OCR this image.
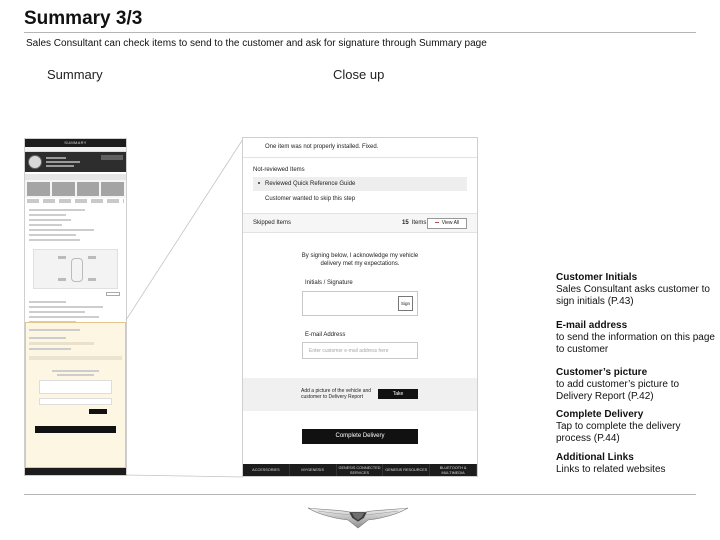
Summary 3/3
Sales Consultant can check items to send to the customer and ask for signature through Summary page
Summary	Close up
SUMMARY
One item was not properly installed. Fixed.
Not-reviewed Items
Reviewed Quick Reference Guide
Customer wanted to skip this step
Skipped Items	15 Items	View All
By signing below, I acknowledge my vehicle delivery met my expectations.
Initials / Signature
Sign
E-mail Address
Enter customer e-mail address here
Add a picture of the vehicle and customer to Delivery Report	Take
Complete Delivery
ACCESSORIES	MYGENESIS
GENESIS CONNECTED SERVICES
GENESIS RESOURCES
BLUETOOTH & MULTIMEDIA
Customer Initials
Sales Consultant asks customer to sign initials (P.43)
E-mail address
to send the information on this page to customer
Customer’s picture
to add customer’s picture to Delivery Report (P.42)
Complete Delivery
Tap to complete the delivery process (P.44)
Additional Links
Links to related websites
